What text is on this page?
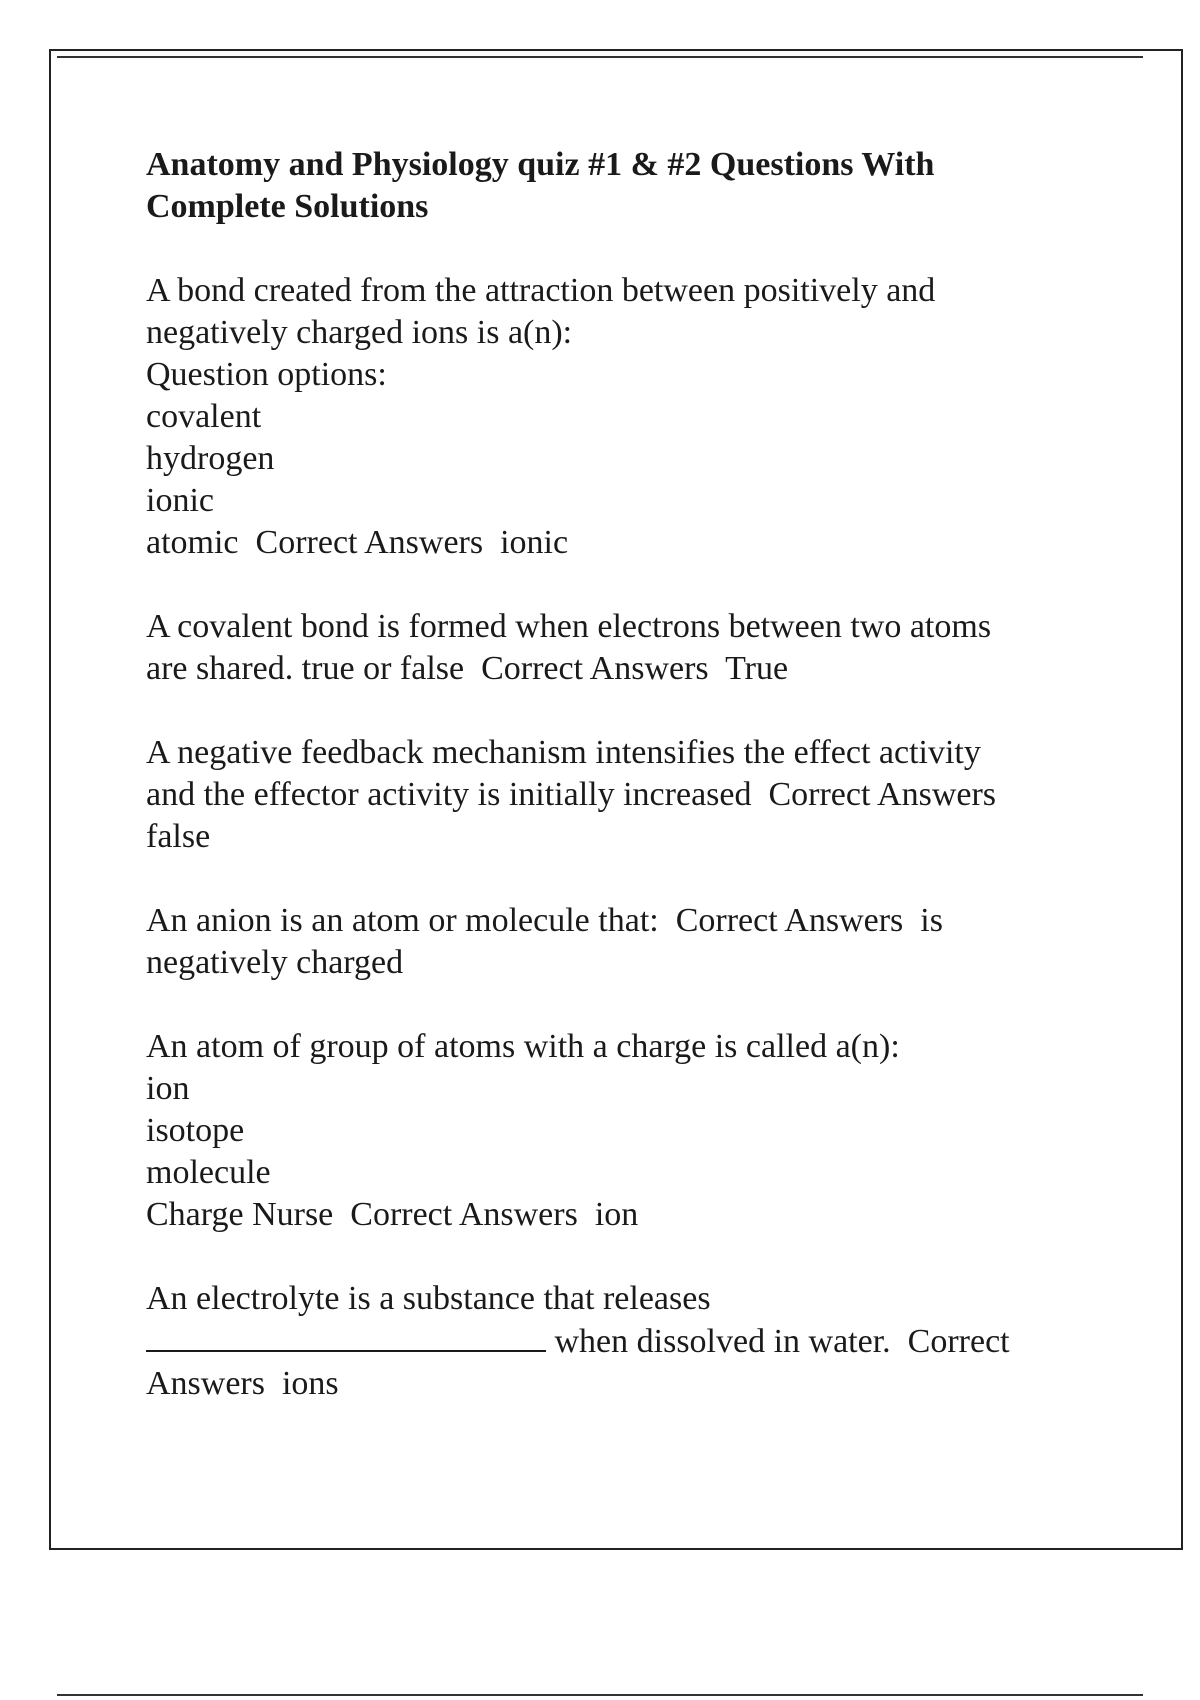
Anatomy and Physiology quiz #1 & #2 Questions With Complete Solutions
A bond created from the attraction between positively and
negatively charged ions is a(n):
Question options:
covalent
hydrogen
ionic
atomic Correct Answers ionic
A covalent bond is formed when electrons between two atoms
are shared. true or false Correct Answers True
A negative feedback mechanism intensifies the effect activity
and the effector activity is initially increased Correct Answers
false
An anion is an atom or molecule that: Correct Answers is
negatively charged
An atom of group of atoms with a charge is called a(n):
ion
isotope
molecule
Charge Nurse Correct Answers ion
An electrolyte is a substance that releases
when dissolved in water. Correct
Answers ions
